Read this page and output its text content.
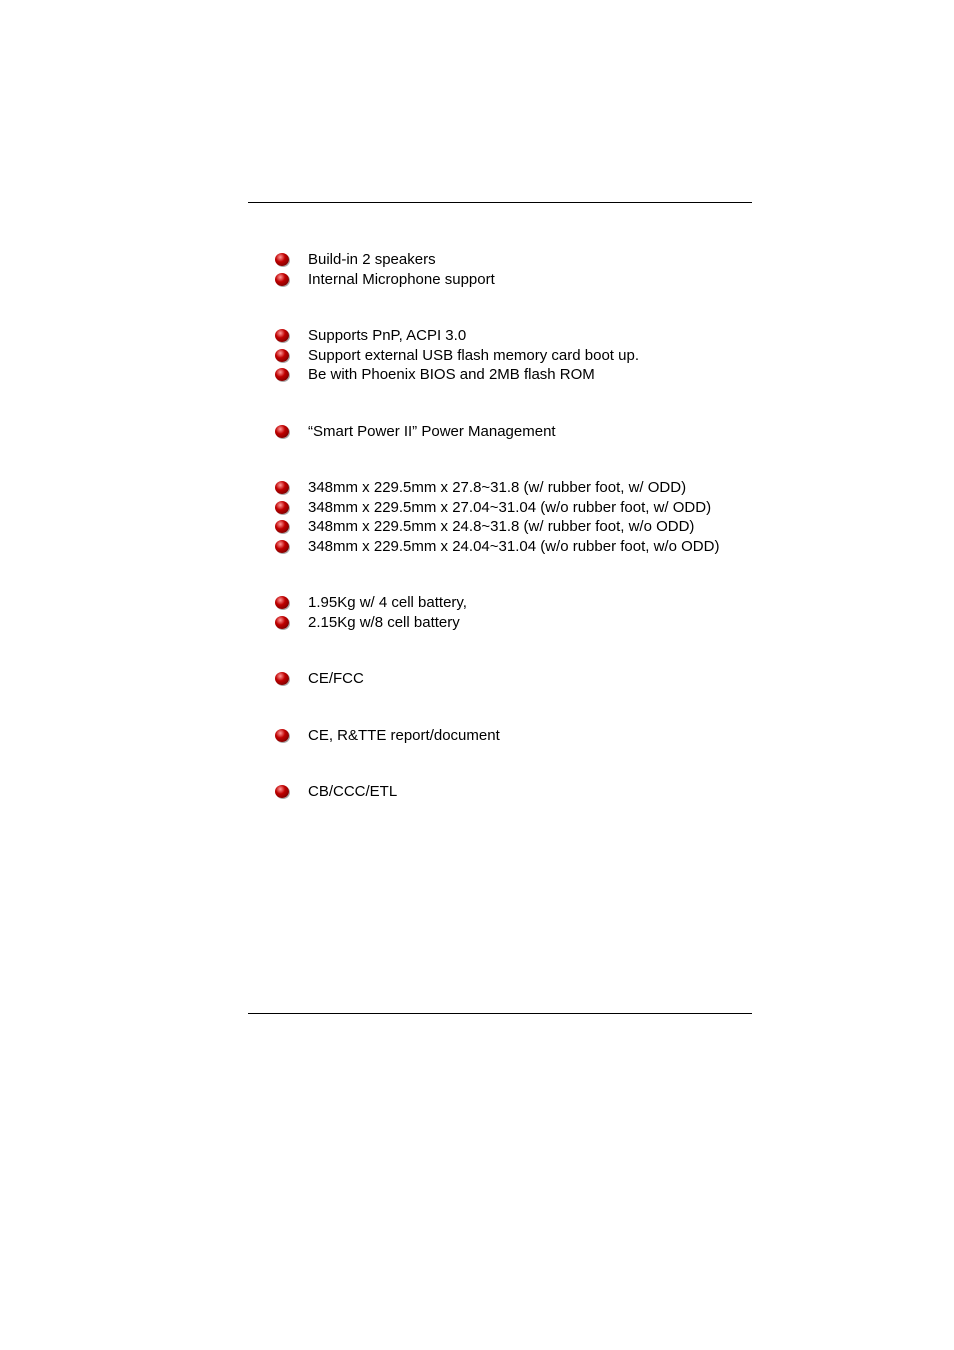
Build-in 2 speakers
Internal Microphone support
Supports PnP, ACPI 3.0
Support external USB flash memory card boot up.
Be with Phoenix BIOS and 2MB flash ROM
“Smart Power II” Power Management
348mm x 229.5mm x 27.8~31.8 (w/ rubber foot, w/ ODD)
348mm x 229.5mm x 27.04~31.04 (w/o rubber foot, w/ ODD)
348mm x 229.5mm x 24.8~31.8 (w/ rubber foot, w/o ODD)
348mm x 229.5mm x 24.04~31.04 (w/o rubber foot, w/o ODD)
1.95Kg w/ 4 cell battery,
2.15Kg w/8 cell battery
CE/FCC
CE, R&TTE report/document
CB/CCC/ETL
